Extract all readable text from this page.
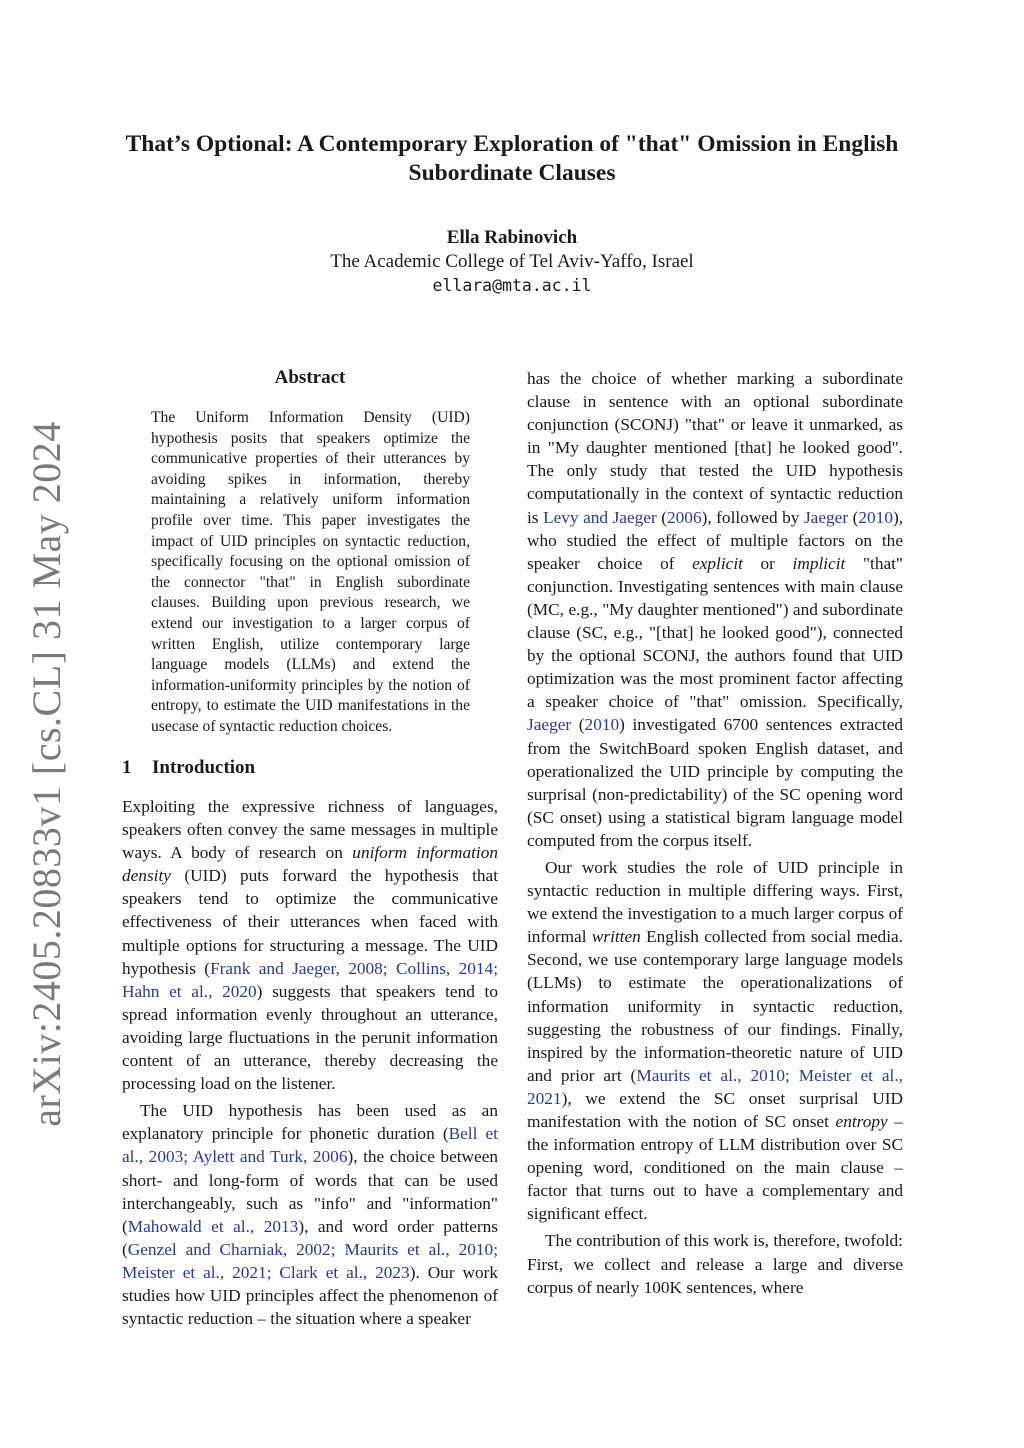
arXiv:2405.20833v1 [cs.CL] 31 May 2024
That’s Optional: A Contemporary Exploration of "that" Omission in English Subordinate Clauses
Ella Rabinovich
The Academic College of Tel Aviv-Yaffo, Israel
ellara@mta.ac.il
Abstract

The Uniform Information Density (UID) hypothesis posits that speakers optimize the communicative properties of their utterances by avoiding spikes in information, thereby maintaining a relatively uniform information profile over time. This paper investigates the impact of UID principles on syntactic reduction, specifically focusing on the optional omission of the connector "that" in English subordinate clauses. Building upon previous research, we extend our investigation to a larger corpus of written English, utilize contemporary large language models (LLMs) and extend the information-uniformity principles by the notion of entropy, to estimate the UID manifestations in the usecase of syntactic reduction choices.

1 Introduction

Exploiting the expressive richness of languages, speakers often convey the same messages in multiple ways. A body of research on uniform information density (UID) puts forward the hypothesis that speakers tend to optimize the communicative effectiveness of their utterances when faced with multiple options for structuring a message. The UID hypothesis (Frank and Jaeger, 2008; Collins, 2014; Hahn et al., 2020) suggests that speakers tend to spread information evenly throughout an utterance, avoiding large fluctuations in the perunit information content of an utterance, thereby decreasing the processing load on the listener.

The UID hypothesis has been used as an explanatory principle for phonetic duration (Bell et al., 2003; Aylett and Turk, 2006), the choice between short- and long-form of words that can be used interchangeably, such as "info" and "information" (Mahowald et al., 2013), and word order patterns (Genzel and Charniak, 2002; Maurits et al., 2010; Meister et al., 2021; Clark et al., 2023). Our work studies how UID principles affect the phenomenon of syntactic reduction – the situation where a speaker

has the choice of whether marking a subordinate clause in sentence with an optional subordinate conjunction (SCONJ) "that" or leave it unmarked, as in "My daughter mentioned [that] he looked good". The only study that tested the UID hypothesis computationally in the context of syntactic reduction is Levy and Jaeger (2006), followed by Jaeger (2010), who studied the effect of multiple factors on the speaker choice of explicit or implicit "that" conjunction. Investigating sentences with main clause (MC, e.g., "My daughter mentioned") and subordinate clause (SC, e.g., "[that] he looked good"), connected by the optional SCONJ, the authors found that UID optimization was the most prominent factor affecting a speaker choice of "that" omission. Specifically, Jaeger (2010) investigated 6700 sentences extracted from the SwitchBoard spoken English dataset, and operationalized the UID principle by computing the surprisal (non-predictability) of the SC opening word (SC onset) using a statistical bigram language model computed from the corpus itself.

Our work studies the role of UID principle in syntactic reduction in multiple differing ways. First, we extend the investigation to a much larger corpus of informal written English collected from social media. Second, we use contemporary large language models (LLMs) to estimate the operationalizations of information uniformity in syntactic reduction, suggesting the robustness of our findings. Finally, inspired by the information-theoretic nature of UID and prior art (Maurits et al., 2010; Meister et al., 2021), we extend the SC onset surprisal UID manifestation with the notion of SC onset entropy – the information entropy of LLM distribution over SC opening word, conditioned on the main clause – factor that turns out to have a complementary and significant effect.

The contribution of this work is, therefore, twofold: First, we collect and release a large and diverse corpus of nearly 100K sentences, where
